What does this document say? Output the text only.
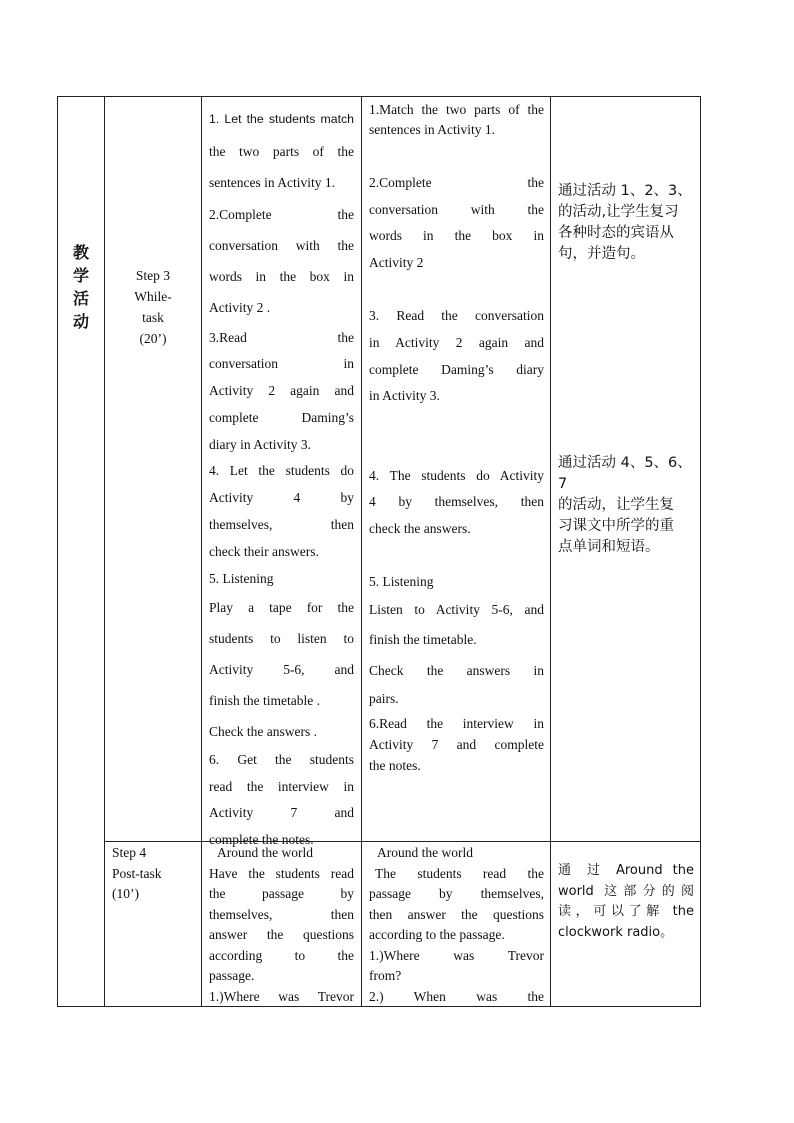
教
学
活
动

Step 3

While-

task

(20’)

1. Let the students match

the two parts of the

sentences in Activity 1.

2.Complete the

conversation with the

words in the box in

Activity 2 .

3.Read the

conversation in

Activity 2 again and

complete Daming’s

diary in Activity 3.

4. Let the students do

Activity 4 by

themselves, then

check their answers.

5. Listening

Play a tape for the

students to listen to

Activity 5-6, and

finish the timetable .

Check the answers .

6. Get the students

read the interview in

Activity 7 and

complete the notes.

1.Match the two parts of the

sentences in Activity 1.

2.Complete the

conversation with the

words in the box in

Activity 2

3. Read the conversation

in Activity 2 again and

complete Daming’s diary

in Activity 3.

4. The students do Activity

4 by themselves, then

check the answers.

5. Listening

Listen to Activity 5-6, and

finish the timetable.

Check the answers in

pairs.

6.Read the interview in

Activity 7 and complete

the notes.

通过活动 1、2、3、

的活动,让学生复习

各种时态的宾语从

句，并造句。

通过活动 4、5、6、7

的活动，让学生复

习课文中所学的重

点单词和短语。

Step 4

Post-task

(10’)

Around the world

Have the students read

the passage by

themselves, then

answer the questions

according to the

passage.

1.)Where was Trevor

Around the world

The students read the

passage by themselves,

then answer the questions

according to the passage.

1.)Where was Trevor

from?

2.) When was the

通 过 Around the

world 这部分的阅

读，可以了解 the

clockwork radio。
